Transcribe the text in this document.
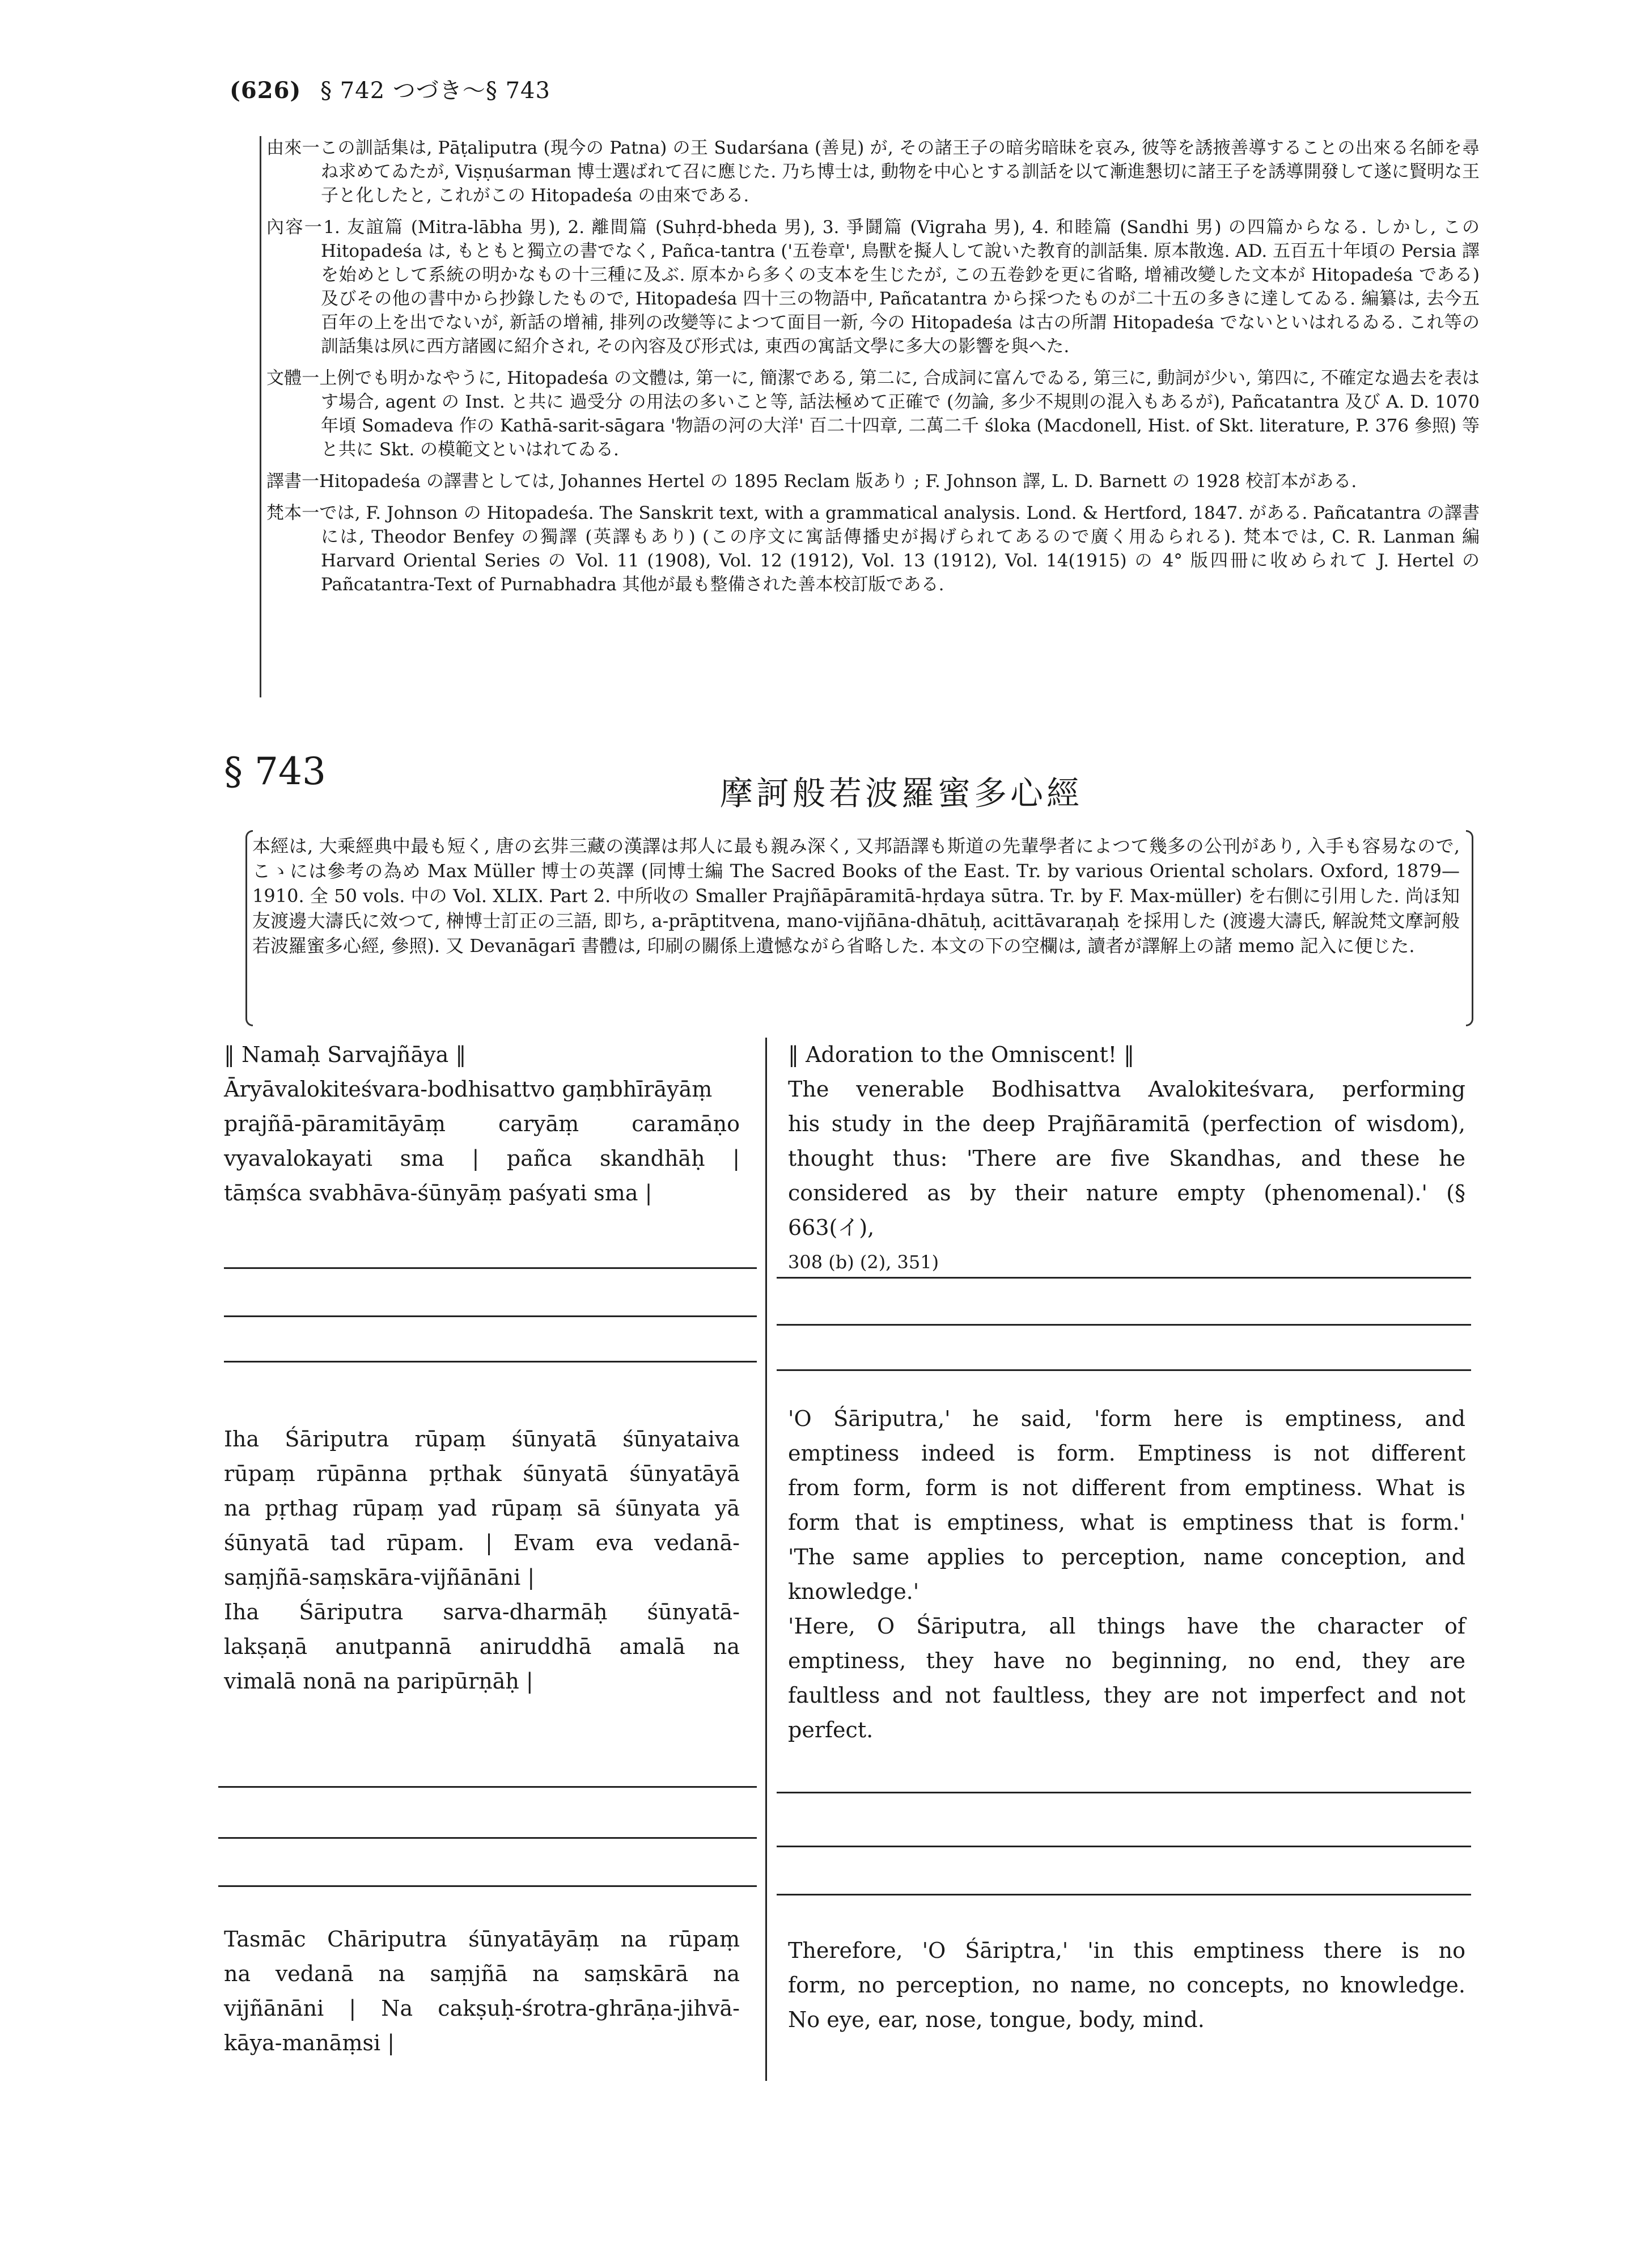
(626) § 742 つづき～§ 743
由來一この訓話集は, Pāṭaliputra (現今の Patna) の王 Sudarśana (善見) が, その諸王子の暗劣暗昧を哀み, 彼等を誘掖善導することの出來る名師を尋ね求めてゐたが, Viṣṇuśarman 博士選ばれて召に應じた. 乃ち博士は, 動物を中心とする訓話を以て漸進懇切に諸王子を誘導開發して遂に賢明な王子と化したと, これがこの Hitopadeśa の由來である.
內容一1. 友誼篇 (Mitra-lābha 男), 2. 離間篇 (Suhṛd-bheda 男), 3. 爭鬪篇 (Vigraha 男), 4. 和睦篇 (Sandhi 男) の四篇からなる. しかし, この Hitopadeśa は, もともと獨立の書でなく, Pañca-tantra ('五卷章', 鳥獸を擬人して說いた教育的訓話集. 原本散逸. AD. 五百五十年頃の Persia 譯を始めとして系統の明かなもの十三種に及ぶ. 原本から多くの支本を生じたが, この五卷鈔を更に省略, 增補改變した文本が Hitopadeśa である) 及びその他の書中から抄錄したもので, Hitopadeśa 四十三の物語中, Pañcatantra から採つたものが二十五の多きに達してゐる. 編纂は, 去今五百年の上を出でないが, 新話の增補, 排列の改變等によつて面目一新, 今の Hitopadeśa は古の所謂 Hitopadeśa でないといはれるゐる. これ等の訓話集は夙に西方諸國に紹介され, その內容及び形式は, 東西の寓話文學に多大の影響を與へた.
文體一上例でも明かなやうに, Hitopadeśa の文體は, 第一に, 簡潔である, 第二に, 合成詞に富んでゐる, 第三に, 動詞が少い, 第四に, 不確定な過去を表はす場合, agent の Inst. と共に 過受分 の用法の多いこと等, 話法極めて正確で (勿論, 多少不規則の混入もあるが), Pañcatantra 及び A. D. 1070 年頃 Somadeva 作の Kathā-sarit-sāgara '物語の河の大洋' 百二十四章, 二萬二千 śloka (Macdonell, Hist. of Skt. literature, P. 376 參照) 等と共に Skt. の模範文といはれてゐる.
譯書一Hitopadeśa の譯書としては, Johannes Hertel の 1895 Reclam 版あり ; F. Johnson 譯, L. D. Barnett の 1928 校訂本がある.
梵本一では, F. Johnson の Hitopadeśa. The Sanskrit text, with a grammatical analysis. Lond. & Hertford, 1847. がある. Pañcatantra の譯書には, Theodor Benfey の獨譯 (英譯もあり) (この序文に寓話傳播史が揭げられてあるので廣く用ゐられる). 梵本では, C. R. Lanman 編 Harvard Oriental Series の Vol. 11 (1908), Vol. 12 (1912), Vol. 13 (1912), Vol. 14(1915) の 4° 版四冊に收められて J. Hertel の Pañcatantra-Text of Purnabhadra 其他が最も整備された善本校訂版である.
§ 743	摩訶般若波羅蜜多心經
本經は, 大乘經典中最も短く, 唐の玄弉三藏の漢譯は邦人に最も親み深く, 又邦語譯も斯道の先輩學者によつて幾多の公刊があり, 入手も容易なので, こゝには參考の為め Max Müller 博士の英譯 (同博士編 The Sacred Books of the East. Tr. by various Oriental scholars. Oxford, 1879—1910. 全 50 vols. 中の Vol. XLIX. Part 2. 中所收の Smaller Prajñāpāramitā-hṛdaya sūtra. Tr. by F. Max-müller) を右側に引用した. 尚ほ知友渡邊大濤氏に效つて, 榊博士訂正の三語, 即ち, a-prāptitvena, mano-vijñāna-dhātuḥ, acittāvaraṇaḥ を採用した (渡邊大濤氏, 解說梵文摩訶般若波羅蜜多心經, 參照). 又 Devanāgarī 書體は, 印刷の關係上遺憾ながら省略した. 本文の下の空欄は, 讀者が譯解上の諸 memo 記入に便じた.
‖ Namaḥ Sarvajñāya ‖
Āryāvalokiteśvara-bodhisattvo gaṃbhīrāyāṃ
prajñā-pāramitāyāṃ caryāṃ caramāṇo
vyavalokayati sma | pañca skandhāḥ |
tāṃśca svabhāva-śūnyāṃ paśyati sma |
‖ Adoration to the Omniscent! ‖
The venerable Bodhisattva Avalokiteśvara, performing
his study in the deep Prajñāramitā (perfection of wisdom),
thought thus: 'There are five Skandhas, and these he
considered as by their nature empty (phenomenal).' (§ 663(イ),
308 (b) (2), 351)
Iha Śāriputra rūpaṃ śūnyatā śūnyataiva
rūpaṃ rūpānna pṛthak śūnyatā śūnyatāyā
na pṛthag rūpaṃ yad rūpaṃ sā śūnyata yā
śūnyatā tad rūpam. | Evam eva vedanā-
saṃjñā-saṃskāra-vijñānāni |
Iha Śāriputra sarva-dharmāḥ śūnyatā-
lakṣaṇā anutpannā aniruddhā amalā na
vimalā nonā na paripūrṇāḥ |
'O Śāriputra,' he said, 'form here is emptiness, and
emptiness indeed is form. Emptiness is not different
from form, form is not different from emptiness. What is
form that is emptiness, what is emptiness that is form.'
'The same applies to perception, name conception, and
knowledge.'
'Here, O Śāriputra, all things have the character of
emptiness, they have no beginning, no end, they are
faultless and not faultless, they are not imperfect and not
perfect.
Tasmāc Chāriputra śūnyatāyāṃ na rūpaṃ
na vedanā na saṃjñā na saṃskārā na
vijñānāni | Na cakṣuḥ-śrotra-ghrāṇa-jihvā-
kāya-manāṃsi |
Therefore, 'O Śāriptra,' 'in this emptiness there is no
form, no perception, no name, no concepts, no knowledge.
No eye, ear, nose, tongue, body, mind.
